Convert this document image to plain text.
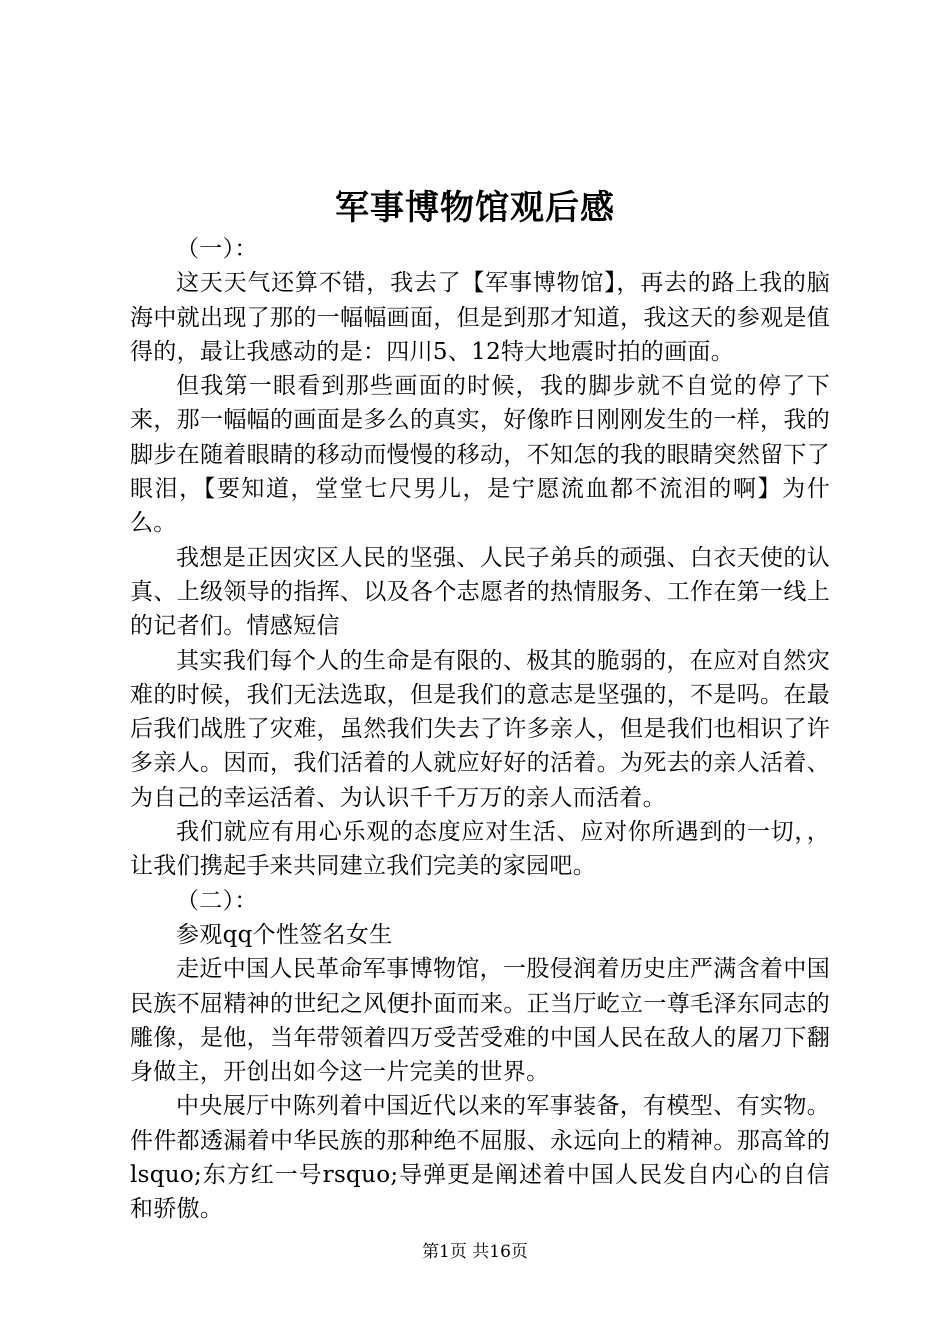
军事博物馆观后感

（一）：

这天天气还算不错，我去了【军事博物馆】，再去的路上我的脑海中就出现了那的一幅幅画面，但是到那才知道，我这天的参观是值得的，最让我感动的是：四川5、12特大地震时拍的画面。

但我第一眼看到那些画面的时候，我的脚步就不自觉的停了下来，那一幅幅的画面是多么的真实，好像昨日刚刚发生的一样，我的脚步在随着眼睛的移动而慢慢的移动，不知怎的我的眼睛突然留下了眼泪，【要知道，堂堂七尺男儿，是宁愿流血都不流泪的啊】为什么。

我想是正因灾区人民的坚强、人民子弟兵的顽强、白衣天使的认真、上级领导的指挥、以及各个志愿者的热情服务、工作在第一线上的记者们。情感短信

其实我们每个人的生命是有限的、极其的脆弱的，在应对自然灾难的时候，我们无法选取，但是我们的意志是坚强的，不是吗。在最后我们战胜了灾难，虽然我们失去了许多亲人，但是我们也相识了许多亲人。因而，我们活着的人就应好好的活着。为死去的亲人活着、为自己的幸运活着、为认识千千万万的亲人而活着。

我们就应有用心乐观的态度应对生活、应对你所遇到的一切，，让我们携起手来共同建立我们完美的家园吧。

（二）：

参观qq个性签名女生

走近中国人民革命军事博物馆，一股侵润着历史庄严满含着中国民族不屈精神的世纪之风便扑面而来。正当厅屹立一尊毛泽东同志的雕像，是他，当年带领着四万受苦受难的中国人民在敌人的屠刀下翻身做主，开创出如今这一片完美的世界。

中央展厅中陈列着中国近代以来的军事装备，有模型、有实物。件件都透漏着中华民族的那种绝不屈服、永远向上的精神。那高耸的lsquo;东方红一号rsquo;导弹更是阐述着中国人民发自内心的自信和骄傲。

第1页 共16页
